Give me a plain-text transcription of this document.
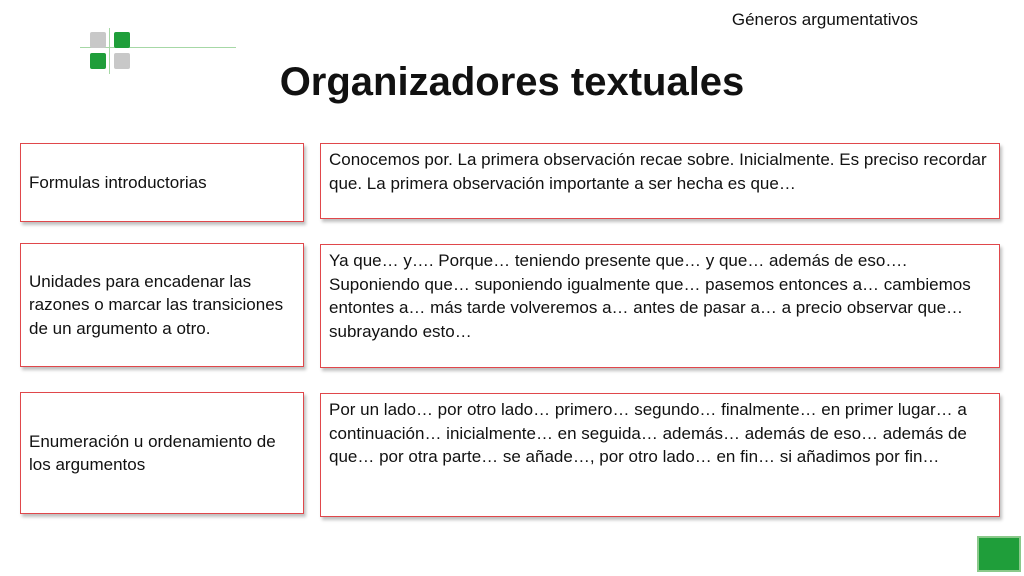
Géneros argumentativos
Organizadores textuales
Formulas introductorias
Conocemos por. La primera observación recae sobre. Inicialmente. Es preciso recordar que. La primera observación importante a ser hecha es que…
Unidades para encadenar las razones o marcar las transiciones de un argumento a otro.
Ya que… y…. Porque… teniendo presente que… y que… además de eso…. Suponiendo que… suponiendo igualmente que… pasemos entonces a… cambiemos entontes a… más tarde volveremos a… antes de pasar a… a precio observar que… subrayando esto…
Enumeración u ordenamiento de los argumentos
Por un lado… por otro lado… primero… segundo… finalmente… en primer lugar… a continuación… inicialmente… en seguida… además… además de eso… además de que… por otra parte… se añade…, por otro lado… en fin… si añadimos por fin…
